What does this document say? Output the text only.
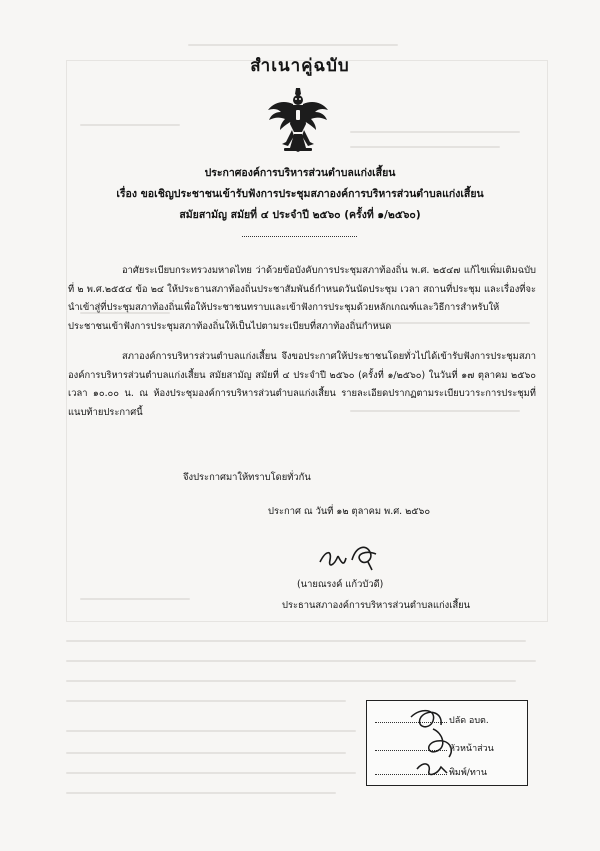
สำเนาคู่ฉบับ
ประกาศองค์การบริหารส่วนตำบลแก่งเสี้ยน
เรื่อง ขอเชิญประชาชนเข้ารับฟังการประชุมสภาองค์การบริหารส่วนตำบลแก่งเสี้ยน
สมัยสามัญ สมัยที่ ๔ ประจำปี ๒๕๖๐ (ครั้งที่ ๑/๒๕๖๐)
อาศัยระเบียบกระทรวงมหาดไทย ว่าด้วยข้อบังคับการประชุมสภาท้องถิ่น พ.ศ. ๒๕๔๗ แก้ไขเพิ่มเติมฉบับที่ ๒ พ.ศ.๒๕๕๔ ข้อ ๒๔ ให้ประธานสภาท้องถิ่นประชาสัมพันธ์กำหนดวันนัดประชุม เวลา สถานที่ประชุม และเรื่องที่จะนำเข้าสู่ที่ประชุมสภาท้องถิ่นเพื่อให้ประชาชนทราบและเข้าฟังการประชุมด้วยหลักเกณฑ์และวิธีการสำหรับให้ประชาชนเข้าฟังการประชุมสภาท้องถิ่นให้เป็นไปตามระเบียบที่สภาท้องถิ่นกำหนด
สภาองค์การบริหารส่วนตำบลแก่งเสี้ยน จึงขอประกาศให้ประชาชนโดยทั่วไปได้เข้ารับฟังการประชุมสภาองค์การบริหารส่วนตำบลแก่งเสี้ยน สมัยสามัญ สมัยที่ ๔ ประจำปี ๒๕๖๐ (ครั้งที่ ๑/๒๕๖๐) ในวันที่ ๑๗ ตุลาคม ๒๕๖๐ เวลา ๑๐.๐๐ น. ณ ห้องประชุมองค์การบริหารส่วนตำบลแก่งเสี้ยน รายละเอียดปรากฏตามระเบียบวาระการประชุมที่แนบท้ายประกาศนี้
จึงประกาศมาให้ทราบโดยทั่วกัน
ประกาศ ณ วันที่ ๑๒ ตุลาคม พ.ศ. ๒๕๖๐
(นายณรงค์ แก้วบัวดี)
ประธานสภาองค์การบริหารส่วนตำบลแก่งเสี้ยน
ปลัด อบต.
หัวหน้าส่วน
พิมพ์/ทาน
